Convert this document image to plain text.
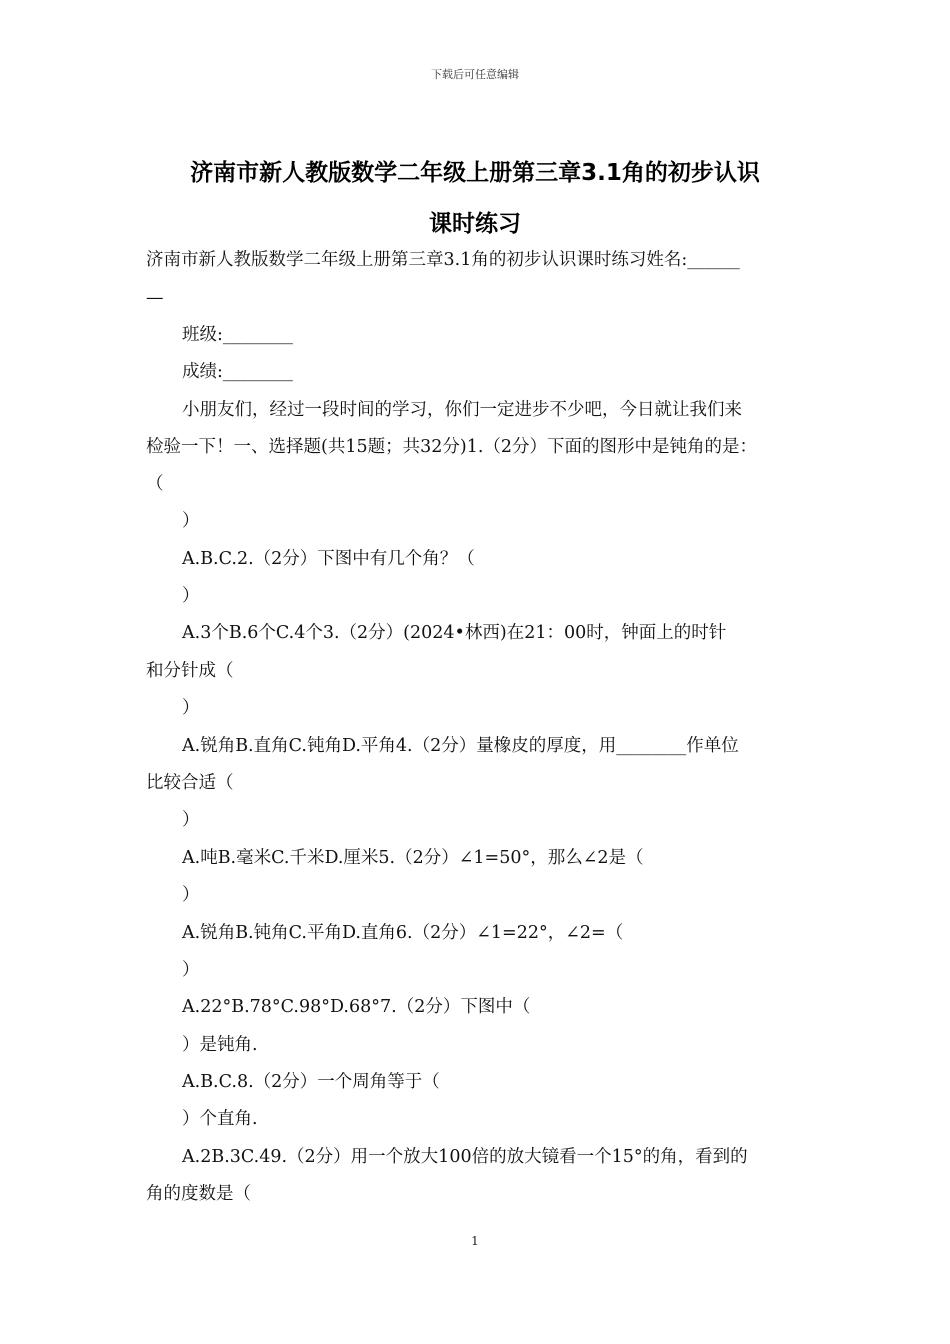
下载后可任意编辑
济南市新人教版数学二年级上册第三章3.1角的初步认识
课时练习
济南市新人教版数学二年级上册第三章3.1角的初步认识课时练习姓名:______
—
班级:________
成绩:________
小朋友们，经过一段时间的学习，你们一定进步不少吧，今日就让我们来
检验一下！一、选择题(共15题；共32分)1.（2分）下面的图形中是钝角的是：
（
）
A.B.C.2.（2分）下图中有几个角？（
）
A.3个B.6个C.4个3.（2分）(2024•林西)在21：00时，钟面上的时针
和分针成（
）
A.锐角B.直角C.钝角D.平角4.（2分）量橡皮的厚度，用________作单位
比较合适（
）
A.吨B.毫米C.千米D.厘米5.（2分）∠1=50°，那么∠2是（
）
A.锐角B.钝角C.平角D.直角6.（2分）∠1=22°，∠2=（
）
A.22°B.78°C.98°D.68°7.（2分）下图中（
）是钝角.
A.B.C.8.（2分）一个周角等于（
）个直角.
A.2B.3C.49.（2分）用一个放大100倍的放大镜看一个15°的角，看到的
角的度数是（
1
